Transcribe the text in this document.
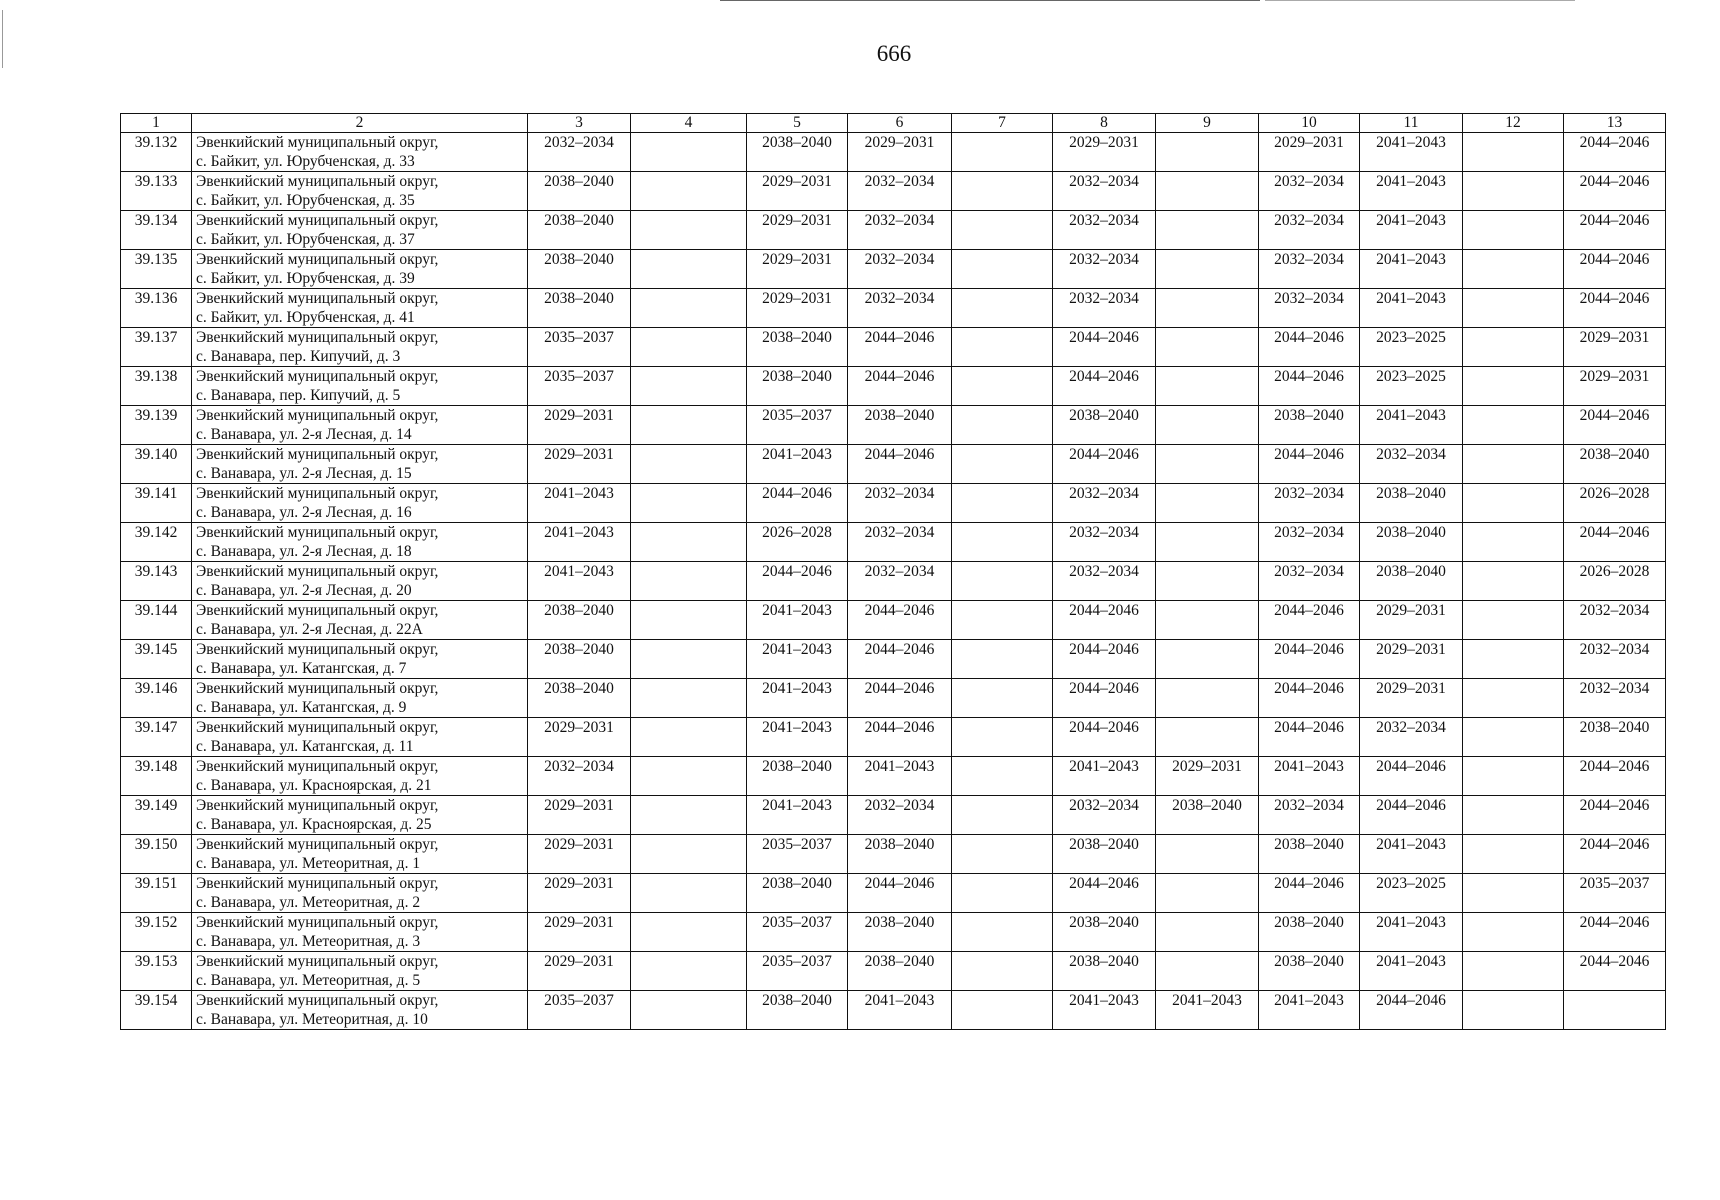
666
1	2	3	4	5	6	7	8	9	10	11	12	13
39.132	Эвенкийский муниципальный округ,
с. Байкит, ул. Юрубченская, д. 33	2032–2034		2038–2040	2029–2031		2029–2031		2029–2031	2041–2043		2044–2046
39.133	Эвенкийский муниципальный округ,
с. Байкит, ул. Юрубченская, д. 35	2038–2040		2029–2031	2032–2034		2032–2034		2032–2034	2041–2043		2044–2046
39.134	Эвенкийский муниципальный округ,
с. Байкит, ул. Юрубченская, д. 37	2038–2040		2029–2031	2032–2034		2032–2034		2032–2034	2041–2043		2044–2046
39.135	Эвенкийский муниципальный округ,
с. Байкит, ул. Юрубченская, д. 39	2038–2040		2029–2031	2032–2034		2032–2034		2032–2034	2041–2043		2044–2046
39.136	Эвенкийский муниципальный округ,
с. Байкит, ул. Юрубченская, д. 41	2038–2040		2029–2031	2032–2034		2032–2034		2032–2034	2041–2043		2044–2046
39.137	Эвенкийский муниципальный округ,
с. Ванавара, пер. Кипучий, д. 3	2035–2037		2038–2040	2044–2046		2044–2046		2044–2046	2023–2025		2029–2031
39.138	Эвенкийский муниципальный округ,
с. Ванавара, пер. Кипучий, д. 5	2035–2037		2038–2040	2044–2046		2044–2046		2044–2046	2023–2025		2029–2031
39.139	Эвенкийский муниципальный округ,
с. Ванавара, ул. 2-я Лесная, д. 14	2029–2031		2035–2037	2038–2040		2038–2040		2038–2040	2041–2043		2044–2046
39.140	Эвенкийский муниципальный округ,
с. Ванавара, ул. 2-я Лесная, д. 15	2029–2031		2041–2043	2044–2046		2044–2046		2044–2046	2032–2034		2038–2040
39.141	Эвенкийский муниципальный округ,
с. Ванавара, ул. 2-я Лесная, д. 16	2041–2043		2044–2046	2032–2034		2032–2034		2032–2034	2038–2040		2026–2028
39.142	Эвенкийский муниципальный округ,
с. Ванавара, ул. 2-я Лесная, д. 18	2041–2043		2026–2028	2032–2034		2032–2034		2032–2034	2038–2040		2044–2046
39.143	Эвенкийский муниципальный округ,
с. Ванавара, ул. 2-я Лесная, д. 20	2041–2043		2044–2046	2032–2034		2032–2034		2032–2034	2038–2040		2026–2028
39.144	Эвенкийский муниципальный округ,
с. Ванавара, ул. 2-я Лесная, д. 22А	2038–2040		2041–2043	2044–2046		2044–2046		2044–2046	2029–2031		2032–2034
39.145	Эвенкийский муниципальный округ,
с. Ванавара, ул. Катангская, д. 7	2038–2040		2041–2043	2044–2046		2044–2046		2044–2046	2029–2031		2032–2034
39.146	Эвенкийский муниципальный округ,
с. Ванавара, ул. Катангская, д. 9	2038–2040		2041–2043	2044–2046		2044–2046		2044–2046	2029–2031		2032–2034
39.147	Эвенкийский муниципальный округ,
с. Ванавара, ул. Катангская, д. 11	2029–2031		2041–2043	2044–2046		2044–2046		2044–2046	2032–2034		2038–2040
39.148	Эвенкийский муниципальный округ,
с. Ванавара, ул. Красноярская, д. 21	2032–2034		2038–2040	2041–2043		2041–2043	2029–2031	2041–2043	2044–2046		2044–2046
39.149	Эвенкийский муниципальный округ,
с. Ванавара, ул. Красноярская, д. 25	2029–2031		2041–2043	2032–2034		2032–2034	2038–2040	2032–2034	2044–2046		2044–2046
39.150	Эвенкийский муниципальный округ,
с. Ванавара, ул. Метеоритная, д. 1	2029–2031		2035–2037	2038–2040		2038–2040		2038–2040	2041–2043		2044–2046
39.151	Эвенкийский муниципальный округ,
с. Ванавара, ул. Метеоритная, д. 2	2029–2031		2038–2040	2044–2046		2044–2046		2044–2046	2023–2025		2035–2037
39.152	Эвенкийский муниципальный округ,
с. Ванавара, ул. Метеоритная, д. 3	2029–2031		2035–2037	2038–2040		2038–2040		2038–2040	2041–2043		2044–2046
39.153	Эвенкийский муниципальный округ,
с. Ванавара, ул. Метеоритная, д. 5	2029–2031		2035–2037	2038–2040		2038–2040		2038–2040	2041–2043		2044–2046
39.154	Эвенкийский муниципальный округ,
с. Ванавара, ул. Метеоритная, д. 10	2035–2037		2038–2040	2041–2043		2041–2043	2041–2043	2041–2043	2044–2046		
